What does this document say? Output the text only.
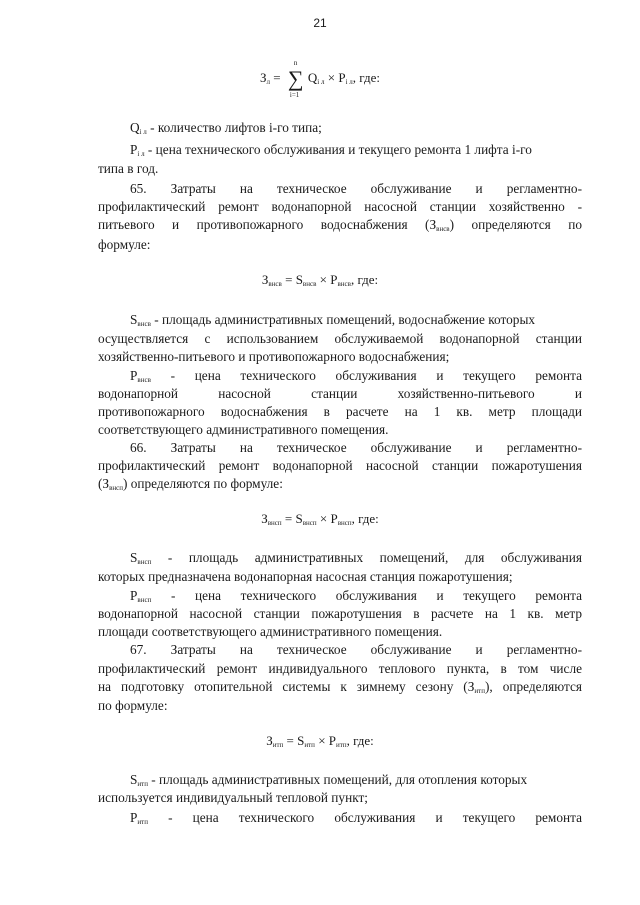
21
$З_л$ =
n
∑
i=1
$Q_{i л} \times P_{i л}$, где:
$Q_{i л}$ - количество лифтов i-го типа;
$P_{i л}$ - цена технического обслуживания и текущего ремонта 1 лифта i-го
типа в год.
65. Затраты на техническое обслуживание и регламентно-
профилактический ремонт водонапорной насосной станции хозяйственно -
питьевого и противопожарного водоснабжения $(З_{внсв})$ определяются по
формуле:
$З_{внсв} = S_{внсв} \times P_{внсв}$, где:
$S_{внсв}$ - площадь административных помещений, водоснабжение которых
осуществляется с использованием обслуживаемой водонапорной станции
хозяйственно-питьевого и противопожарного водоснабжения;
$P_{внсв}$ - цена технического обслуживания и текущего ремонта
водонапорной насосной станции хозяйственно-питьевого и
противопожарного водоснабжения в расчете на 1 кв. метр площади
соответствующего административного помещения.
66. Затраты на техническое обслуживание и регламентно-
профилактический ремонт водонапорной насосной станции пожаротушения
$(З_{внсп})$ определяются по формуле:
$З_{внсп} = S_{внсп} \times P_{внсп}$, где:
$S_{внсп}$ - площадь административных помещений, для обслуживания
которых предназначена водонапорная насосная станция пожаротушения;
$P_{внсп}$ - цена технического обслуживания и текущего ремонта
водонапорной насосной станции пожаротушения в расчете на 1 кв. метр
площади соответствующего административного помещения.
67. Затраты на техническое обслуживание и регламентно-
профилактический ремонт индивидуального теплового пункта, в том числе
на подготовку отопительной системы к зимнему сезону $(З_{итп})$, определяются
по формуле:
$З_{итп} = S_{итп} \times P_{итп}$, где:
$S_{итп}$ - площадь административных помещений, для отопления которых
используется индивидуальный тепловой пункт;
$P_{итп}$ - цена технического обслуживания и текущего ремонта
